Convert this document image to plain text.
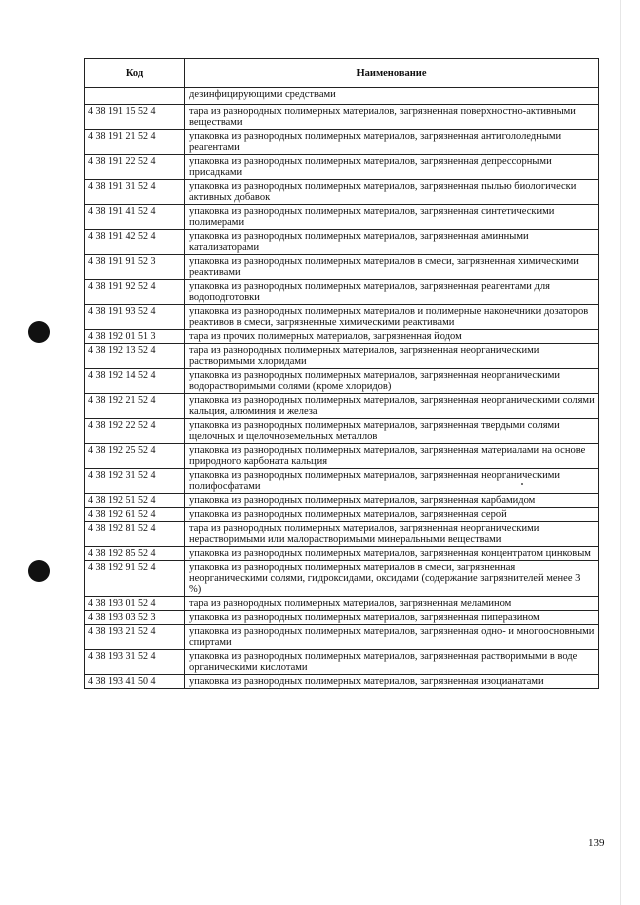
Код	Наименование
	дезинфицирующими средствами
4 38 191 15 52 4	тара из разнородных полимерных материалов, загрязненная поверхностно-активными веществами
4 38 191 21 52 4	упаковка из разнородных полимерных материалов, загрязненная антигололедными реагентами
4 38 191 22 52 4	упаковка из разнородных полимерных материалов, загрязненная депрессорными присадками
4 38 191 31 52 4	упаковка из разнородных полимерных материалов, загрязненная пылью биологически активных добавок
4 38 191 41 52 4	упаковка из разнородных полимерных материалов, загрязненная синтетическими полимерами
4 38 191 42 52 4	упаковка из разнородных полимерных материалов, загрязненная аминными катализаторами
4 38 191 91 52 3	упаковка из разнородных полимерных материалов в смеси, загрязненная химическими реактивами
4 38 191 92 52 4	упаковка из разнородных полимерных материалов, загрязненная реагентами для водоподготовки
4 38 191 93 52 4	упаковка из разнородных полимерных материалов и полимерные наконечники дозаторов реактивов в смеси, загрязненные химическими реактивами
4 38 192 01 51 3	тара из прочих полимерных материалов, загрязненная йодом
4 38 192 13 52 4	тара из разнородных полимерных материалов, загрязненная неорганическими растворимыми хлоридами
4 38 192 14 52 4	упаковка из разнородных полимерных материалов, загрязненная неорганическими водорастворимыми солями (кроме хлоридов)
4 38 192 21 52 4	упаковка из разнородных полимерных материалов, загрязненная неорганическими солями кальция, алюминия и железа
4 38 192 22 52 4	упаковка из разнородных полимерных материалов, загрязненная твердыми солями щелочных и щелочноземельных металлов
4 38 192 25 52 4	упаковка из разнородных полимерных материалов, загрязненная материалами на основе природного карбоната кальция
4 38 192 31 52 4	упаковка из разнородных полимерных материалов, загрязненная неорганическими полифосфатами
4 38 192 51 52 4	упаковка из разнородных полимерных материалов, загрязненная карбамидом
4 38 192 61 52 4	упаковка из разнородных полимерных материалов, загрязненная серой
4 38 192 81 52 4	тара из разнородных полимерных материалов, загрязненная неорганическими нерастворимыми или малорастворимыми минеральными веществами
4 38 192 85 52 4	упаковка из разнородных полимерных материалов, загрязненная концентратом цинковым
4 38 192 91 52 4	упаковка из разнородных полимерных материалов в смеси, загрязненная неорганическими солями, гидроксидами, оксидами (содержание загрязнителей менее 3 %)
4 38 193 01 52 4	тара из разнородных полимерных материалов, загрязненная меламином
4 38 193 03 52 3	упаковка из разнородных полимерных материалов, загрязненная пиперазином
4 38 193 21 52 4	упаковка из разнородных полимерных материалов, загрязненная одно- и многоосновными спиртами
4 38 193 31 52 4	упаковка из разнородных полимерных материалов, загрязненная растворимыми в воде органическими кислотами
4 38 193 41 50 4	упаковка из разнородных полимерных материалов, загрязненная изоцианатами
139
